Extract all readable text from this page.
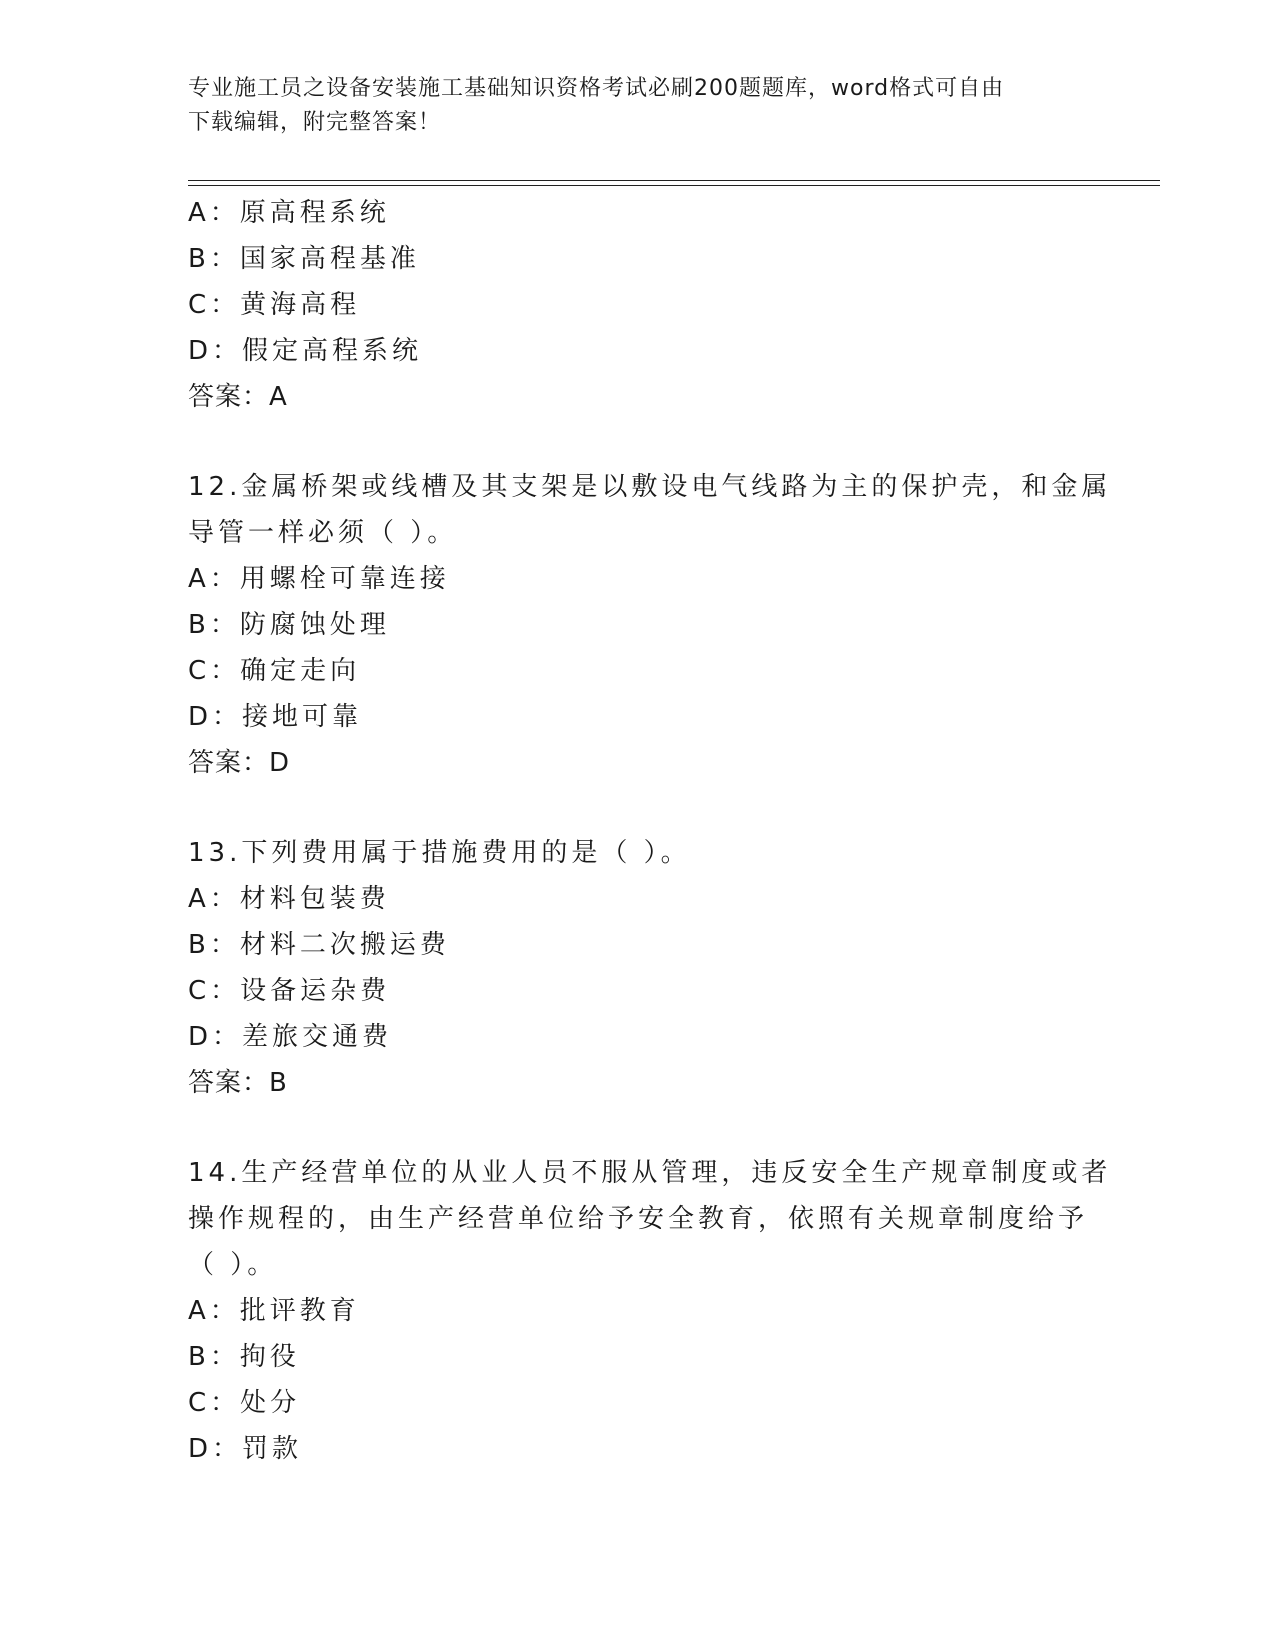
专业施工员之设备安装施工基础知识资格考试必刷200题题库，word格式可自由
下载编辑，附完整答案！
A：原高程系统
B：国家高程基准
C：黄海高程
D：假定高程系统
答案：A
12.金属桥架或线槽及其支架是以敷设电气线路为主的保护壳，和金属
导管一样必须（ ）。
A：用螺栓可靠连接
B：防腐蚀处理
C：确定走向
D：接地可靠
答案：D
13.下列费用属于措施费用的是（ ）。
A：材料包装费
B：材料二次搬运费
C：设备运杂费
D：差旅交通费
答案：B
14.生产经营单位的从业人员不服从管理，违反安全生产规章制度或者
操作规程的，由生产经营单位给予安全教育，依照有关规章制度给予
（ ）。
A：批评教育
B：拘役
C：处分
D：罚款
